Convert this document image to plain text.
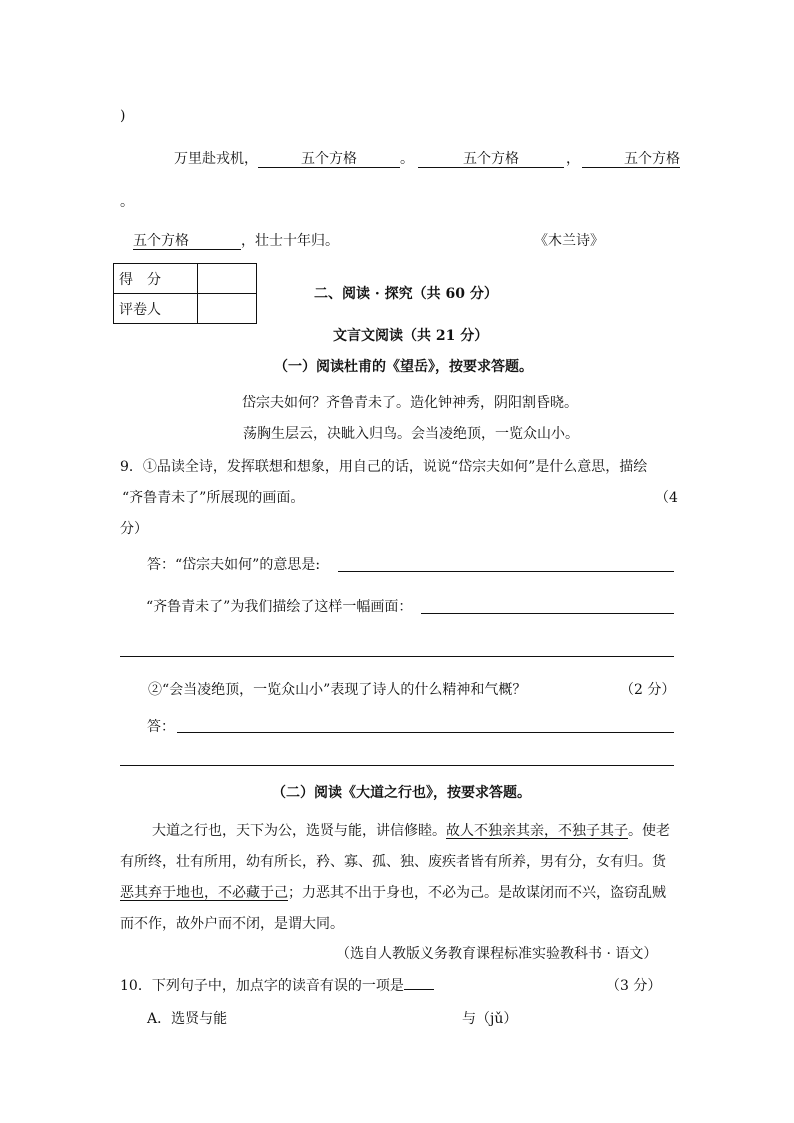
)
万里赴戎机，	五个方格	。	五个方格	，	五个方格
。
五个方格	，壮士十年归。	《木兰诗》
得　分	
评卷人	
二、阅读 · 探究（共 60 分）
文言文阅读（共 21 分）
（一）阅读杜甫的《望岳》，按要求答题。
岱宗夫如何？齐鲁青未了。造化钟神秀，阴阳割昏晓。
荡胸生层云，决眦入归鸟。会当凌绝顶，一览众山小。
9．①品读全诗，发挥联想和想象，用自己的话，说说“岱宗夫如何”是什么意思，描绘
“齐鲁青未了”所展现的画面。	（4
分）
答：“岱宗夫如何”的意思是:
“齐鲁青未了”为我们描绘了这样一幅画面：
②“会当凌绝顶，一览众山小”表现了诗人的什么精神和气概？	（2 分）
答：
（二）阅读《大道之行也》，按要求答题。
大道之行也，天下为公，选贤与能，讲信修睦。故人不独亲其亲，不独子其子。使老
有所终，壮有所用，幼有所长，矜、寡、孤、独、废疾者皆有所养，男有分，女有归。货
恶其弃于地也，不必藏于己；力恶其不出于身也，不必为己。是故谋闭而不兴，盗窃乱贼
而不作，故外户而不闭，是谓大同。
（选自人教版义务教育课程标准实验教科书 · 语文）
10．下列句子中，加点字的读音有误的一项是	（3 分）
A．选贤与能	与（jǔ）
